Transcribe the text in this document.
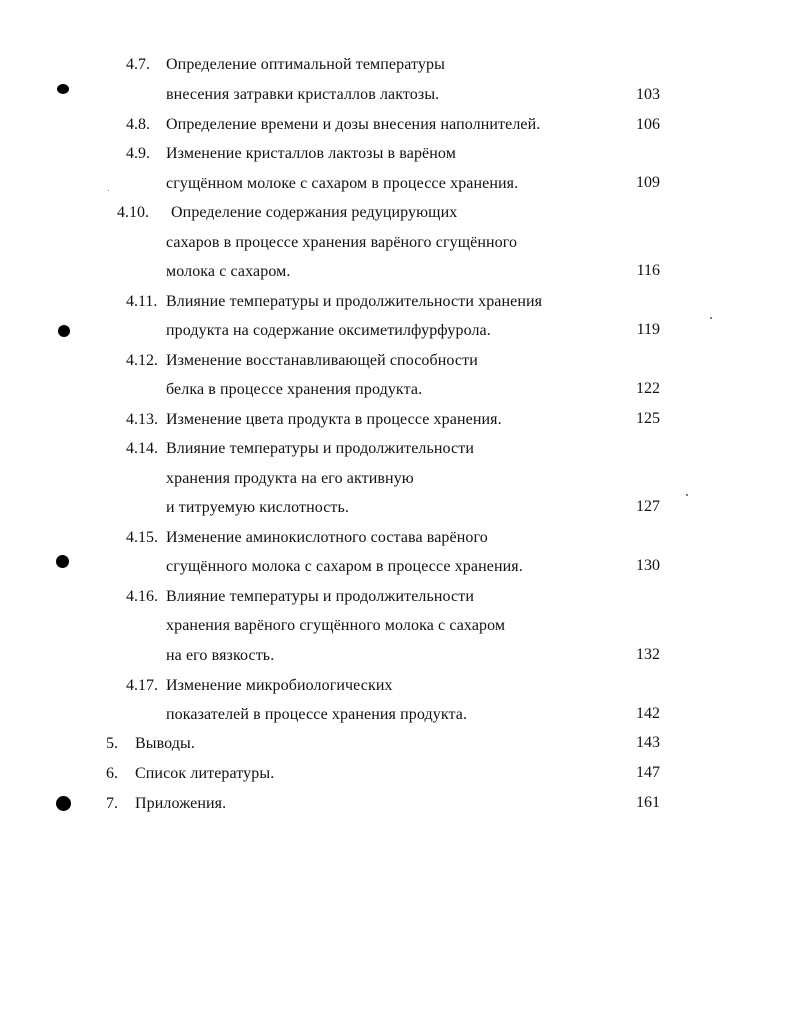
4.7. Определение оптимальной температуры
внесения затравки кристаллов лактозы.	103
4.8. Определение времени и дозы внесения наполнителей.	106
4.9. Изменение кристаллов лактозы в варёном
сгущённом молоке с сахаром в процессе хранения.	109
4.10. Определение содержания редуцирующих
сахаров в процессе хранения варёного сгущённого
молока с сахаром.	116
4.11. Влияние температуры и продолжительности хранения
продукта на содержание оксиметилфурфурола.	119
4.12. Изменение восстанавливающей способности
белка в процессе хранения продукта.	122
4.13. Изменение цвета продукта в процессе хранения.	125
4.14. Влияние температуры и продолжительности
хранения продукта на его активную
и титруемую кислотность.	127
4.15. Изменение аминокислотного состава варёного
сгущённого молока с сахаром в процессе хранения.	130
4.16. Влияние температуры и продолжительности
хранения варёного сгущённого молока с сахаром
на его вязкость.	132
4.17. Изменение микробиологических
показателей в процессе хранения продукта.	142
5. Выводы.	143
6. Список литературы.	147
7. Приложения.	161
